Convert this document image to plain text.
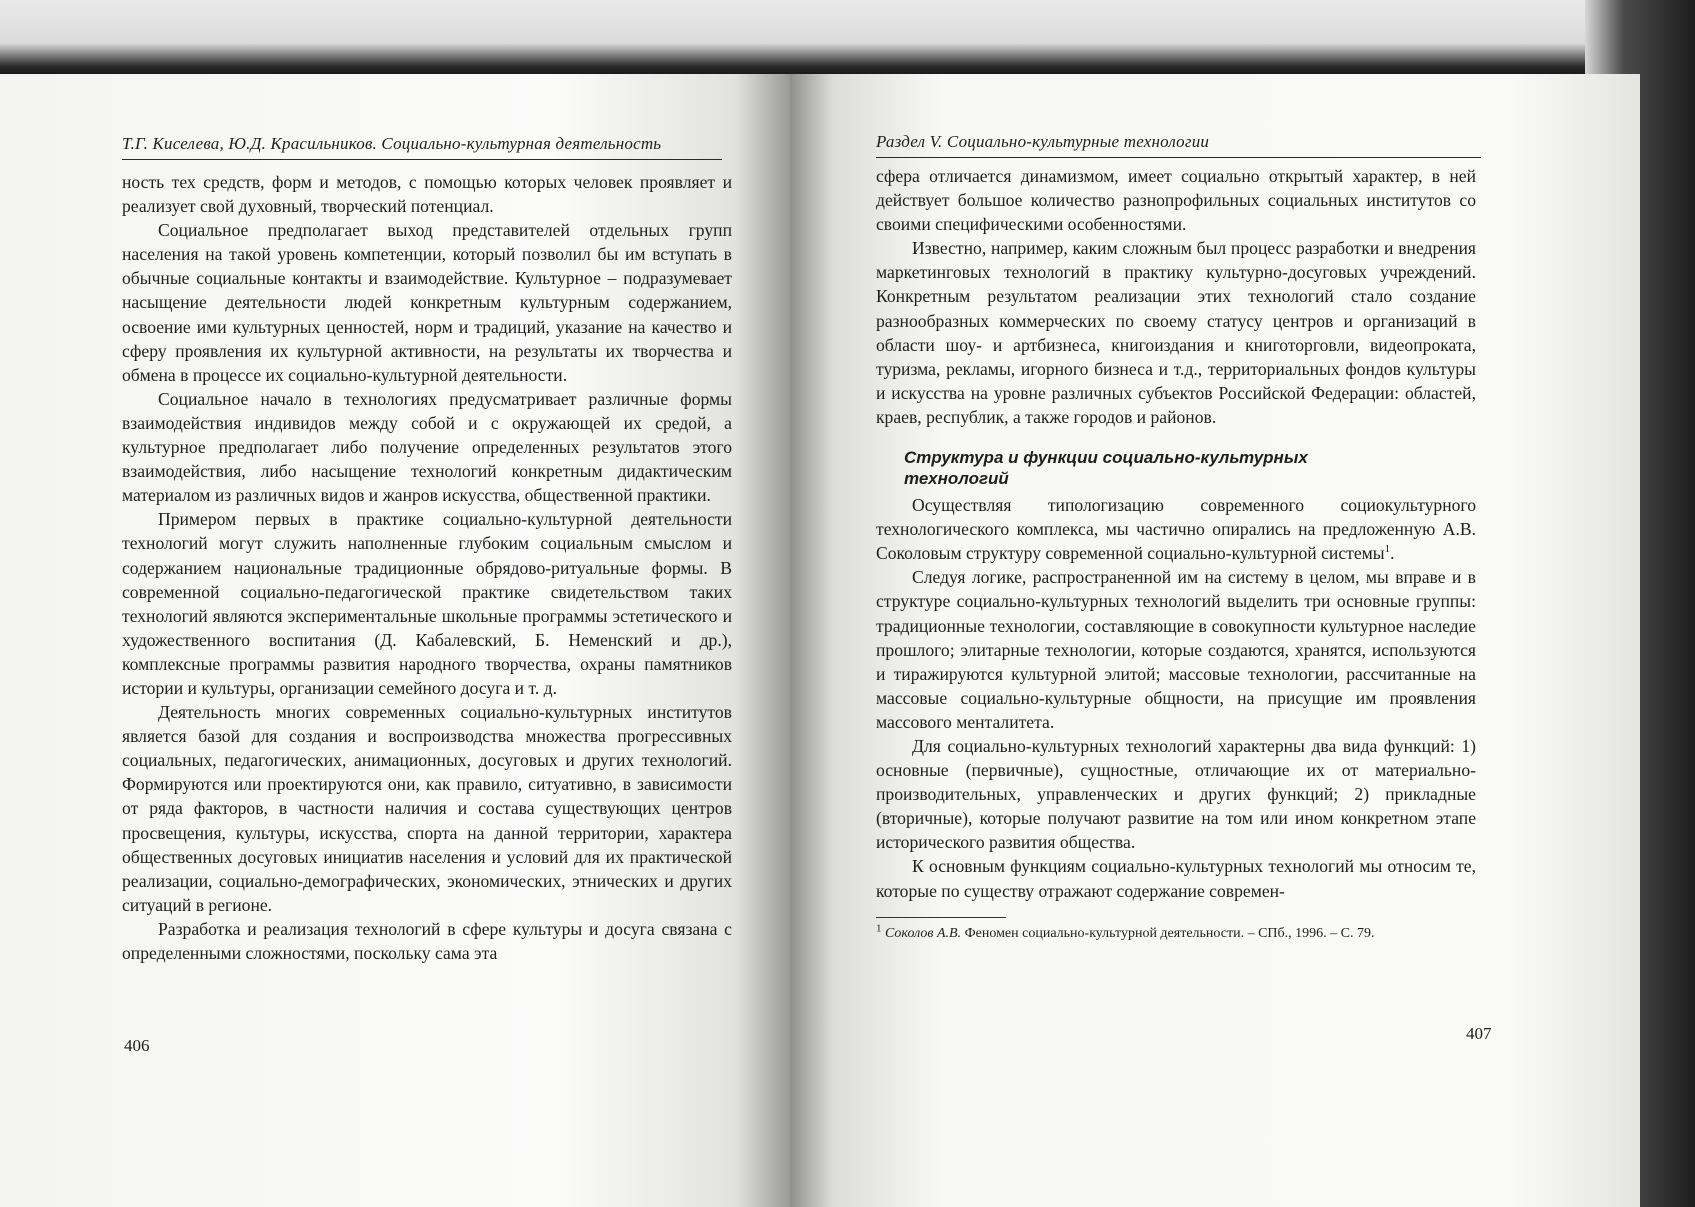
Т.Г. Киселева, Ю.Д. Красильников. Социально-культурная деятельность

ность тех средств, форм и методов, с помощью которых человек проявляет и реализует свой духовный, творческий потенциал.

Социальное предполагает выход представителей отдельных групп населения на такой уровень компетенции, который позволил бы им вступать в обычные социальные контакты и взаимодействие. Культурное – подразумевает насыщение деятельности людей конкретным культурным содержанием, освоение ими культурных ценностей, норм и традиций, указание на качество и сферу проявления их культурной активности, на результаты их творчества и обмена в процессе их социально-культурной деятельности.

Социальное начало в технологиях предусматривает различные формы взаимодействия индивидов между собой и с окружающей их средой, а культурное предполагает либо получение определенных результатов этого взаимодействия, либо насыщение технологий конкретным дидактическим материалом из различных видов и жанров искусства, общественной практики.

Примером первых в практике социально-культурной деятельности технологий могут служить наполненные глубоким социальным смыслом и содержанием национальные традиционные обрядово-ритуальные формы. В современной социально-педагогической практике свидетельством таких технологий являются экспериментальные школьные программы эстетического и художественного воспитания (Д. Кабалевский, Б. Неменский и др.), комплексные программы развития народного творчества, охраны памятников истории и культуры, организации семейного досуга и т. д.

Деятельность многих современных социально-культурных институтов является базой для создания и воспроизводства множества прогрессивных социальных, педагогических, анимационных, досуговых и других технологий. Формируются или проектируются они, как правило, ситуативно, в зависимости от ряда факторов, в частности наличия и состава существующих центров просвещения, культуры, искусства, спорта на данной территории, характера общественных досуговых инициатив населения и условий для их практической реализации, социально-демографических, экономических, этнических и других ситуаций в регионе.

Разработка и реализация технологий в сфере культуры и досуга связана с определенными сложностями, поскольку сама эта

406
Раздел V. Социально-культурные технологии

сфера отличается динамизмом, имеет социально открытый характер, в ней действует большое количество разнопрофильных социальных институтов со своими специфическими особенностями.

Известно, например, каким сложным был процесс разработки и внедрения маркетинговых технологий в практику культурно-досуговых учреждений. Конкретным результатом реализации этих технологий стало создание разнообразных коммерческих по своему статусу центров и организаций в области шоу- и артбизнеса, книгоиздания и книготорговли, видеопроката, туризма, рекламы, игорного бизнеса и т.д., территориальных фондов культуры и искусства на уровне различных субъектов Российской Федерации: областей, краев, республик, а также городов и районов.

Структура и функции социально-культурных
технологий

Осуществляя типологизацию современного социокультурного технологического комплекса, мы частично опирались на предложенную А.В. Соколовым структуру современной социально-культурной системы$^1$.

Следуя логике, распространенной им на систему в целом, мы вправе и в структуре социально-культурных технологий выделить три основные группы: традиционные технологии, составляющие в совокупности культурное наследие прошлого; элитарные технологии, которые создаются, хранятся, используются и тиражируются культурной элитой; массовые технологии, рассчитанные на массовые социально-культурные общности, на присущие им проявления массового менталитета.

Для социально-культурных технологий характерны два вида функций: 1) основные (первичные), сущностные, отличающие их от материально-производительных, управленческих и других функций; 2) прикладные (вторичные), которые получают развитие на том или ином конкретном этапе исторического развития общества.

К основным функциям социально-культурных технологий мы относим те, которые по существу отражают содержание современ-

$^1$ Соколов А.В. Феномен социально-культурной деятельности. – СПб., 1996. – С. 79.
407
